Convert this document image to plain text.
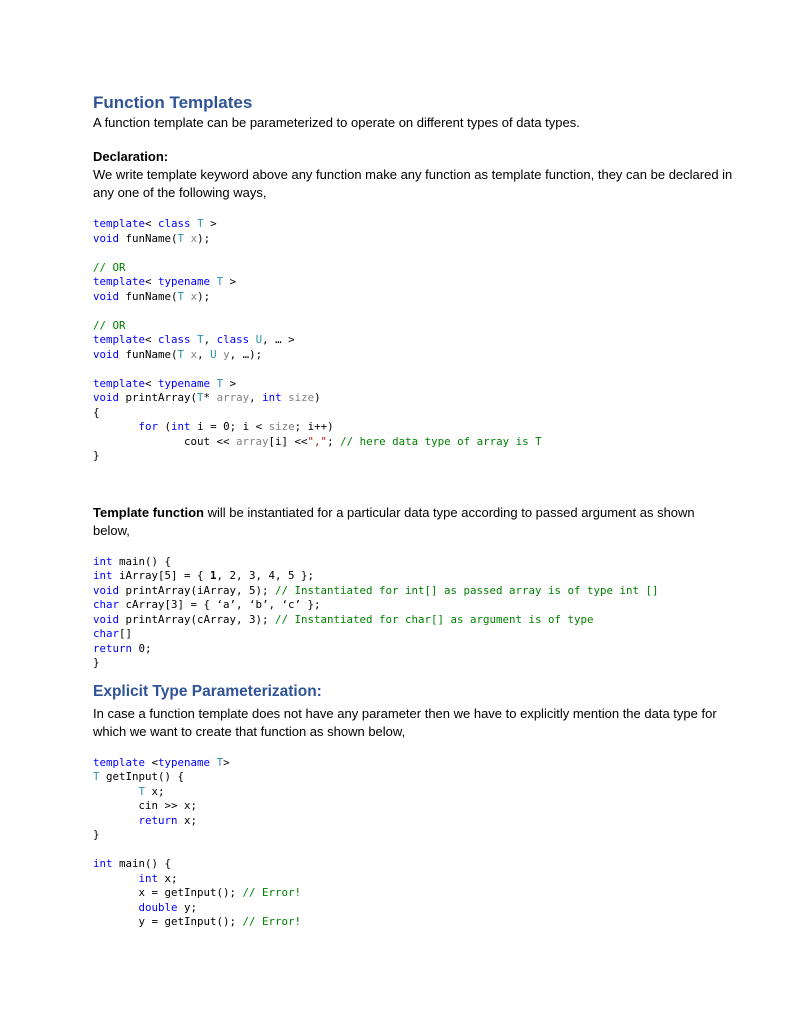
Function Templates

A function template can be parameterized to operate on different types of data types.

Declaration:

We write template keyword above any function make any function as template function, they can be declared in any one of the following ways,

template< class T >
void funName(T x);

// OR
template< typename T >
void funName(T x);

// OR
template< class T, class U, … >
void funName(T x, U y, …);

template< typename T >
void printArray(T* array, int size)
{
for (int i = 0; i < size; i++)
cout << array[i] <<","; // here data type of array is T
}

Template function will be instantiated for a particular data type according to passed argument as shown below,

int main() {
int iArray[5] = { 1, 2, 3, 4, 5 };
void printArray(iArray, 5); // Instantiated for int[] as passed array is of type int []
char cArray[3] = { ‘a’, ‘b’, ‘c’ };
void printArray(cArray, 3); // Instantiated for char[] as argument is of type
char[]
return 0;
}
Explicit Type Parameterization:

In case a function template does not have any parameter then we have to explicitly mention the data type for which we want to create that function as shown below,

template <typename T>
T getInput() {
T x;
cin >> x;
return x;
}

int main() {
int x;
x = getInput(); // Error!
double y;
y = getInput(); // Error!
